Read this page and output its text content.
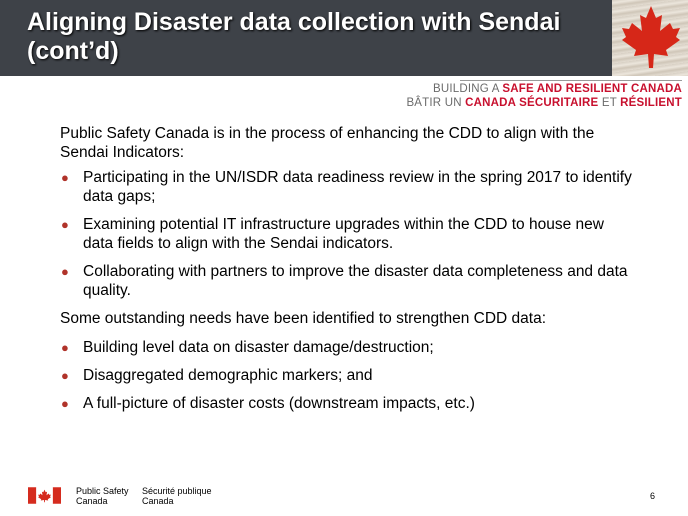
Aligning Disaster data collection with Sendai (cont’d)
BUILDING A SAFE AND RESILIENT CANADA
BÂTIR UN CANADA SÉCURITAIRE ET RÉSILIENT

Public Safety Canada is in the process of enhancing the CDD to align with the Sendai Indicators:

● Participating in the UN/ISDR data readiness review in the spring 2017 to identify data gaps;
● Examining potential IT infrastructure upgrades within the CDD to house new data fields to align with the Sendai indicators.
● Collaborating with partners to improve the disaster data completeness and data quality.

Some outstanding needs have been identified to strengthen CDD data:

● Building level data on disaster damage/destruction;
● Disaggregated demographic markers; and
● A full-picture of disaster costs (downstream impacts, etc.)
Public Safety
Canada
Sécurité publique
Canada	6
